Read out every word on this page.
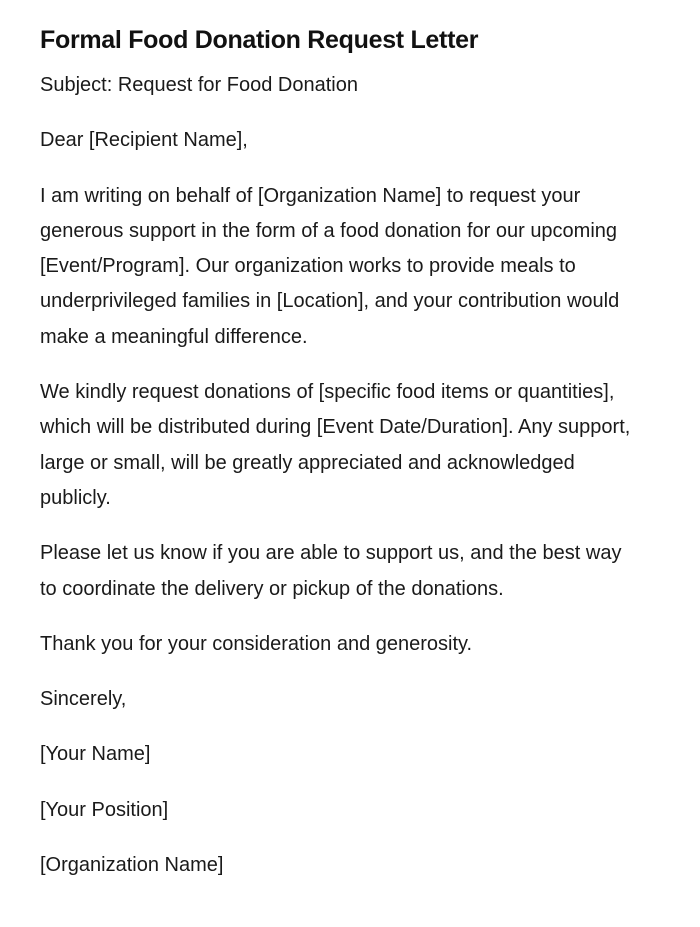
Formal Food Donation Request Letter

Subject: Request for Food Donation

Dear [Recipient Name],

I am writing on behalf of [Organization Name] to request your generous support in the form of a food donation for our upcoming [Event/Program]. Our organization works to provide meals to underprivileged families in [Location], and your contribution would make a meaningful difference.

We kindly request donations of [specific food items or quantities], which will be distributed during [Event Date/Duration]. Any support, large or small, will be greatly appreciated and acknowledged publicly.

Please let us know if you are able to support us, and the best way to coordinate the delivery or pickup of the donations.

Thank you for your consideration and generosity.

Sincerely,

[Your Name]

[Your Position]

[Organization Name]
